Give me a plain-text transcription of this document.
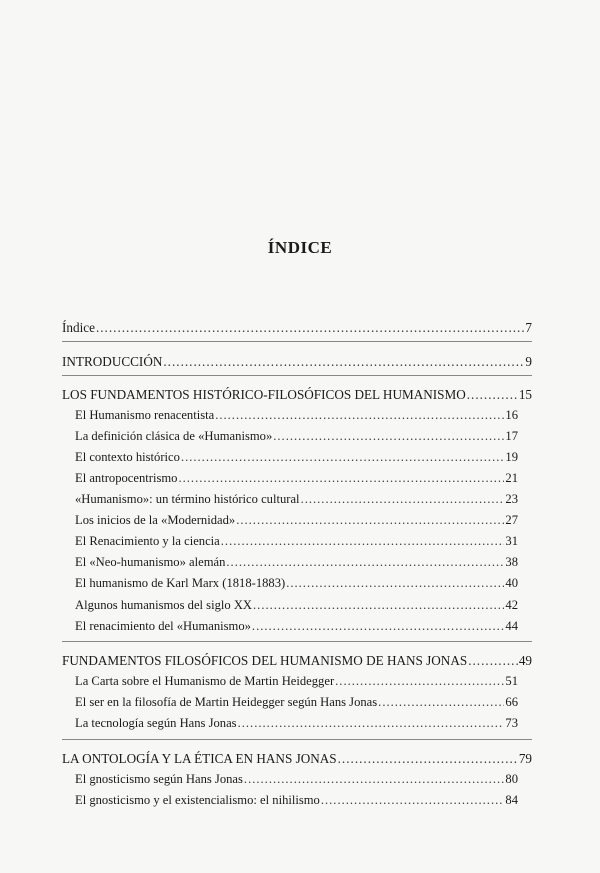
ÍNDICE
Índice .....	7
INTRODUCCIÓN .....	9
LOS FUNDAMENTOS HISTÓRICO-FILOSÓFICOS DEL HUMANISMO .....	15
El Humanismo renacentista .....	16
La definición clásica de «Humanismo» .....	17
El contexto histórico .....	19
El antropocentrismo .....	21
«Humanismo»: un término histórico cultural .....	23
Los inicios de la «Modernidad» .....	27
El Renacimiento y la ciencia .....	31
El «Neo-humanismo» alemán .....	38
El humanismo de Karl Marx (1818-1883) .....	40
Algunos humanismos del siglo XX .....	42
El renacimiento del «Humanismo» .....	44
FUNDAMENTOS FILOSÓFICOS DEL HUMANISMO DE HANS JONAS .....	49
La Carta sobre el Humanismo de Martin Heidegger .....	51
El ser en la filosofía de Martin Heidegger según Hans Jonas .....	66
La tecnología según Hans Jonas .....	73
LA ONTOLOGÍA Y LA ÉTICA EN HANS JONAS .....	79
El gnosticismo según Hans Jonas .....	80
El gnosticismo y el existencialismo: el nihilismo .....	84
